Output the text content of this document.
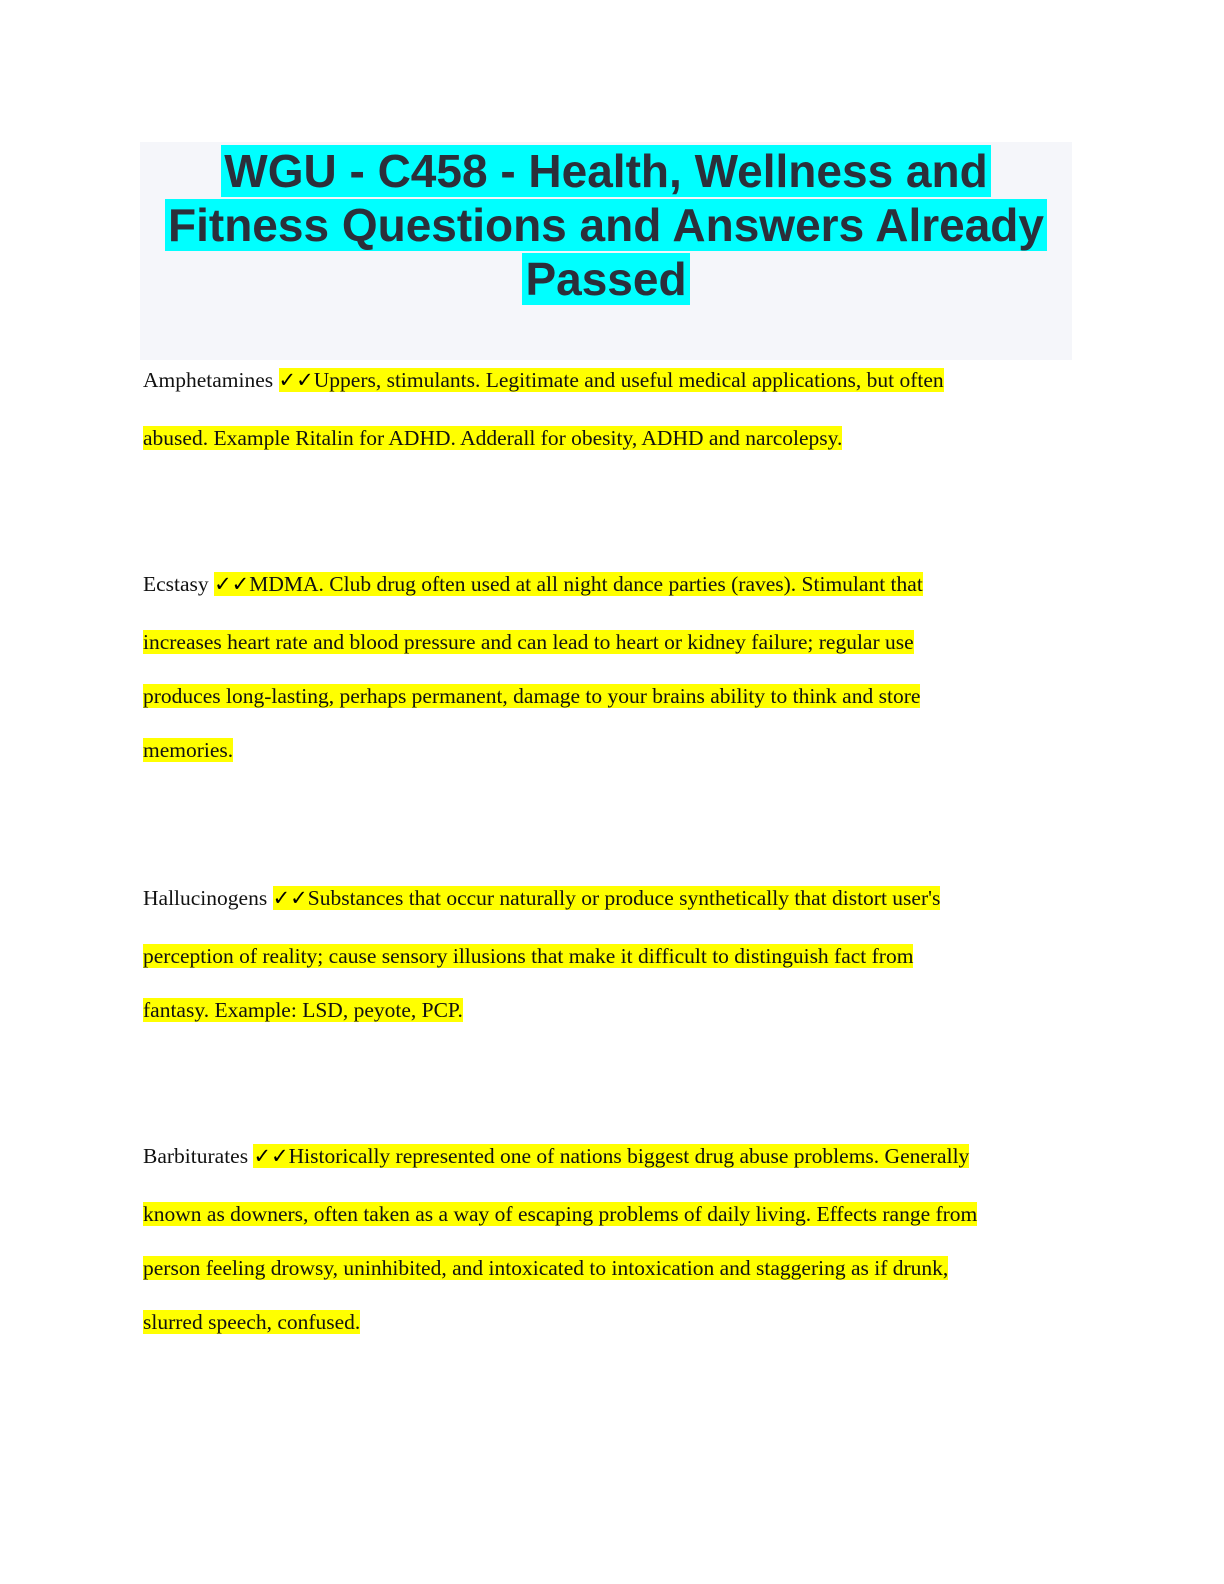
WGU - C458 - Health, Wellness and
Fitness Questions and Answers Already
Passed

Amphetamines ✓✓Uppers, stimulants. Legitimate and useful medical applications, but often
abused. Example Ritalin for ADHD. Adderall for obesity, ADHD and narcolepsy.

Ecstasy ✓✓MDMA. Club drug often used at all night dance parties (raves). Stimulant that
increases heart rate and blood pressure and can lead to heart or kidney failure; regular use
produces long-lasting, perhaps permanent, damage to your brains ability to think and store
memories.

Hallucinogens ✓✓Substances that occur naturally or produce synthetically that distort user's
perception of reality; cause sensory illusions that make it difficult to distinguish fact from
fantasy. Example: LSD, peyote, PCP.

Barbiturates ✓✓Historically represented one of nations biggest drug abuse problems. Generally
known as downers, often taken as a way of escaping problems of daily living. Effects range from
person feeling drowsy, uninhibited, and intoxicated to intoxication and staggering as if drunk,
slurred speech, confused.
